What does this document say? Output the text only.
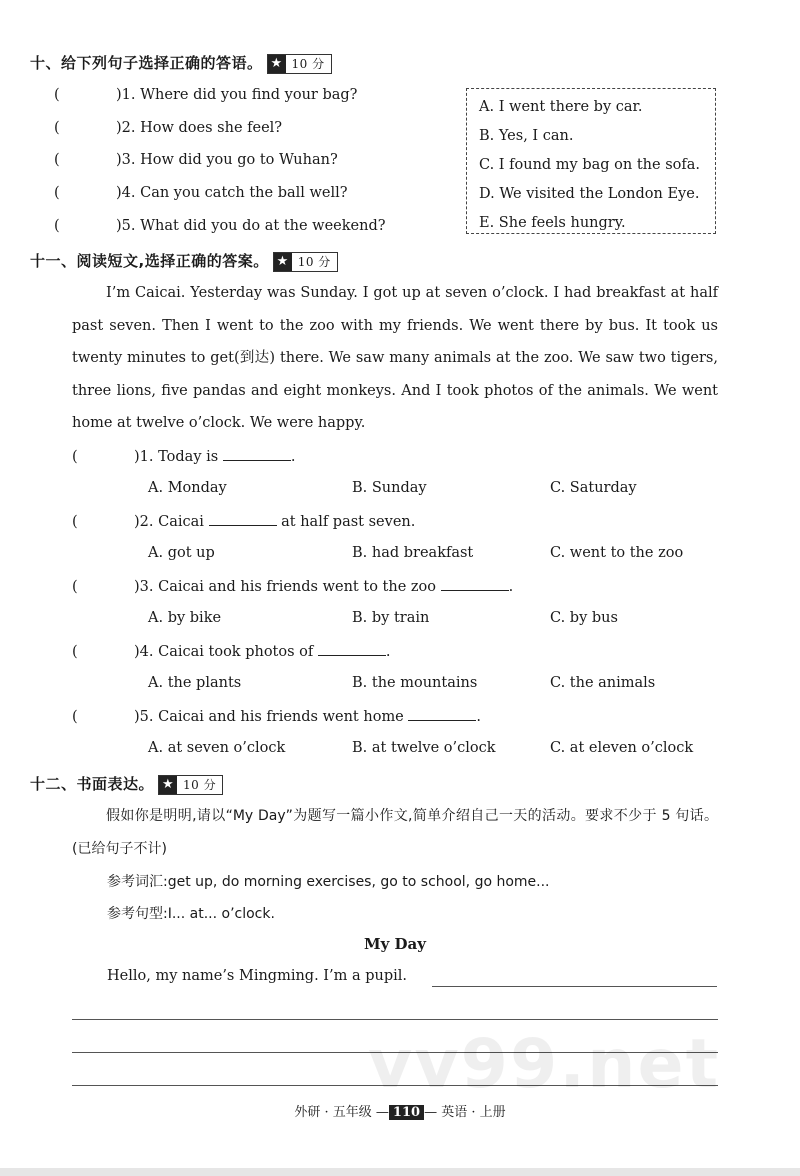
十、给下列句子选择正确的答语。 ★ 10 分
(	)1. Where did you find your bag?
(	)2. How does she feel?
(	)3. How did you go to Wuhan?
(	)4. Can you catch the ball well?
(	)5. What did you do at the weekend?
A. I went there by car.
B. Yes, I can.
C. I found my bag on the sofa.
D. We visited the London Eye.
E. She feels hungry.
十一、阅读短文,选择正确的答案。 ★ 10 分
I’m Caicai. Yesterday was Sunday. I got up at seven o’clock. I had breakfast at half past seven. Then I went to the zoo with my friends. We went there by bus. It took us twenty minutes to get(到达) there. We saw many animals at the zoo. We saw two tigers, three lions, five pandas and eight monkeys. And I took photos of the animals. We went home at twelve o’clock. We were happy.
(	)1. Today is	.
A. Monday	B. Sunday	C. Saturday
(	)2. Caicai	at half past seven.
A. got up	B. had breakfast	C. went to the zoo
(	)3. Caicai and his friends went to the zoo	.
A. by bike	B. by train	C. by bus
(	)4. Caicai took photos of	.
A. the plants	B. the mountains	C. the animals
(	)5. Caicai and his friends went home	.
A. at seven o’clock	B. at twelve o’clock	C. at eleven o’clock
十二、书面表达。 ★ 10 分
假如你是明明,请以“My Day”为题写一篇小作文,简单介绍自己一天的活动。要求不少于 5 句话。(已给句子不计)
参考词汇:get up, do morning exercises, go to school, go home...
参考句型:I... at... o’clock.
My Day
Hello, my name’s Mingming. I’m a pupil.
vv99.net
外研 · 五年级 — 110 — 英语 · 上册
